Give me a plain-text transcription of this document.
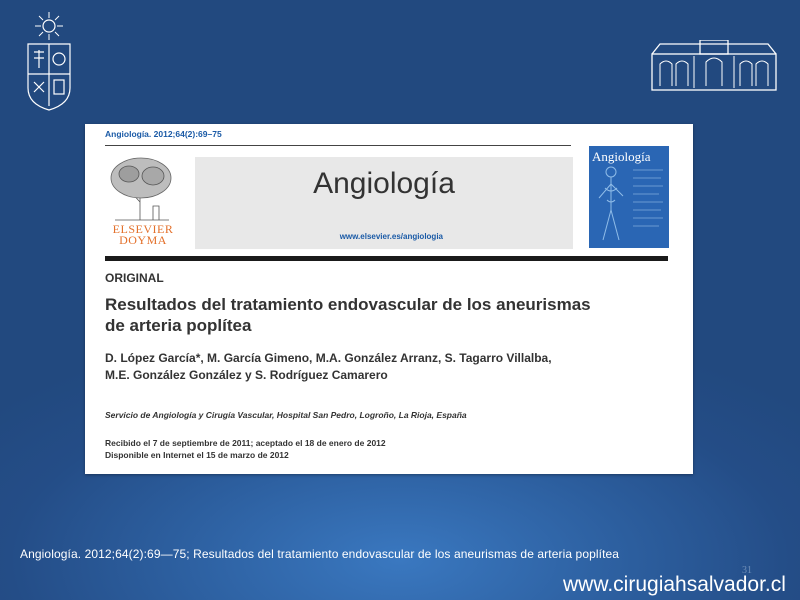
Angiología. 2012;64(2):69–75
ELSEVIER
DOYMA
Angiología
www.elsevier.es/angiologia
Angiología
ORIGINAL
Resultados del tratamiento endovascular de los aneurismas
de arteria poplítea
D. López García*, M. García Gimeno, M.A. González Arranz, S. Tagarro Villalba,
M.E. González González y S. Rodríguez Camarero
Servicio de Angiología y Cirugía Vascular, Hospital San Pedro, Logroño, La Rioja, España
Recibido el 7 de septiembre de 2011; aceptado el 18 de enero de 2012
Disponible en Internet el 15 de marzo de 2012
Angiología. 2012;64(2):69—75; Resultados del tratamiento endovascular de los aneurismas de arteria poplítea
31
www.cirugiahsalvador.cl
